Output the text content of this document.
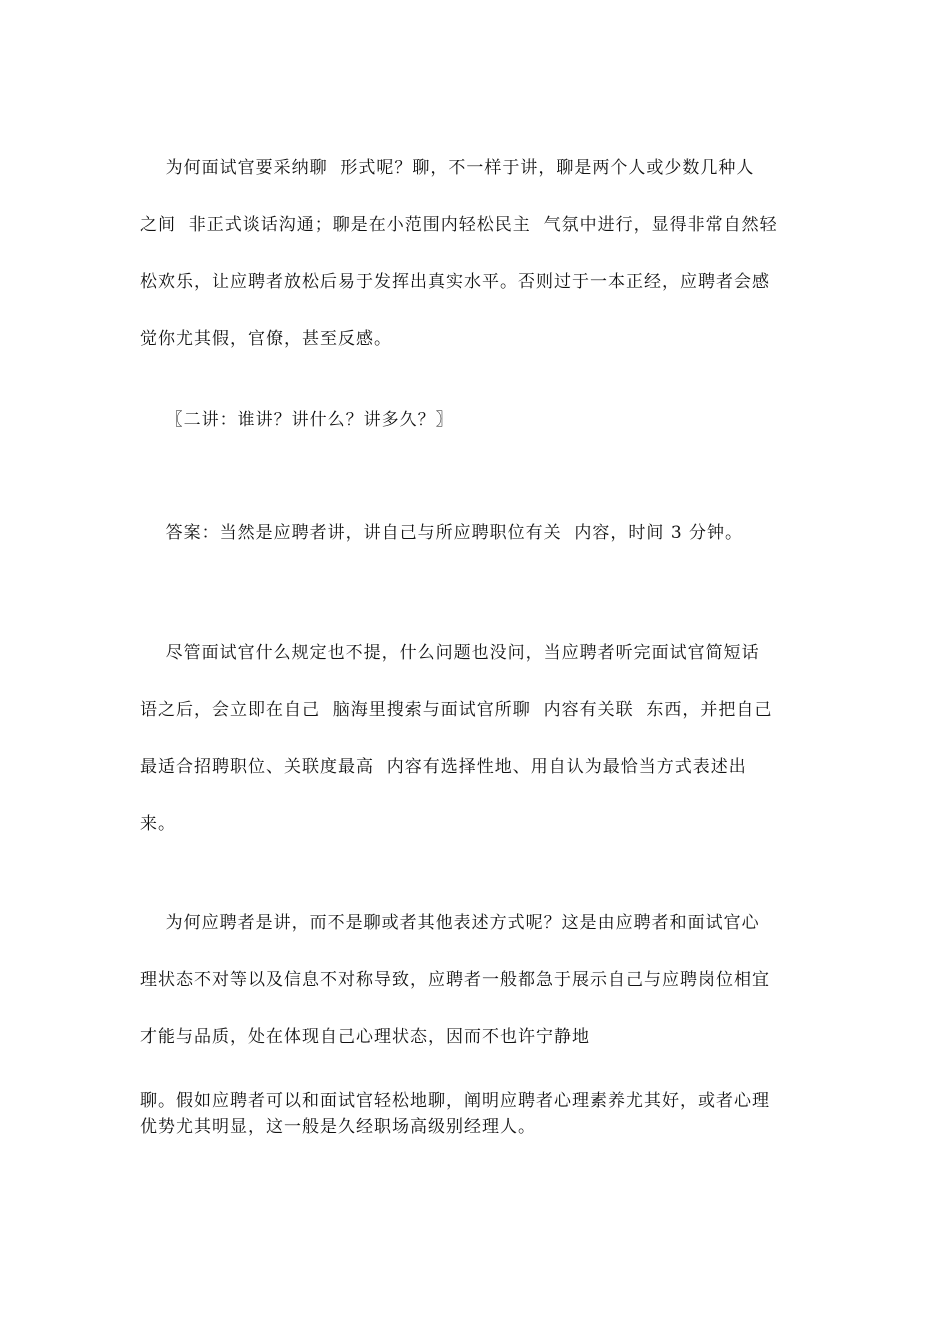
为何面试官要采纳聊  形式呢？聊，不一样于讲，聊是两个人或少数几种人
之间  非正式谈话沟通；聊是在小范围内轻松民主  气氛中进行，显得非常自然轻
松欢乐，让应聘者放松后易于发挥出真实水平。否则过于一本正经，应聘者会感
觉你尤其假，官僚，甚至反感。

〖二讲：谁讲？讲什么？讲多久？〗

答案：当然是应聘者讲，讲自己与所应聘职位有关  内容，时间 3 分钟。

尽管面试官什么规定也不提，什么问题也没问，当应聘者听完面试官简短话
语之后，会立即在自己  脑海里搜索与面试官所聊  内容有关联  东西，并把自己
最适合招聘职位、关联度最高  内容有选择性地、用自认为最恰当方式表述出
来。

为何应聘者是讲，而不是聊或者其他表述方式呢？这是由应聘者和面试官心
理状态不对等以及信息不对称导致，应聘者一般都急于展示自己与应聘岗位相宜
才能与品质，处在体现自己心理状态，因而不也许宁静地

聊。假如应聘者可以和面试官轻松地聊，阐明应聘者心理素养尤其好，或者心理
优势尤其明显，这一般是久经职场高级别经理人。
